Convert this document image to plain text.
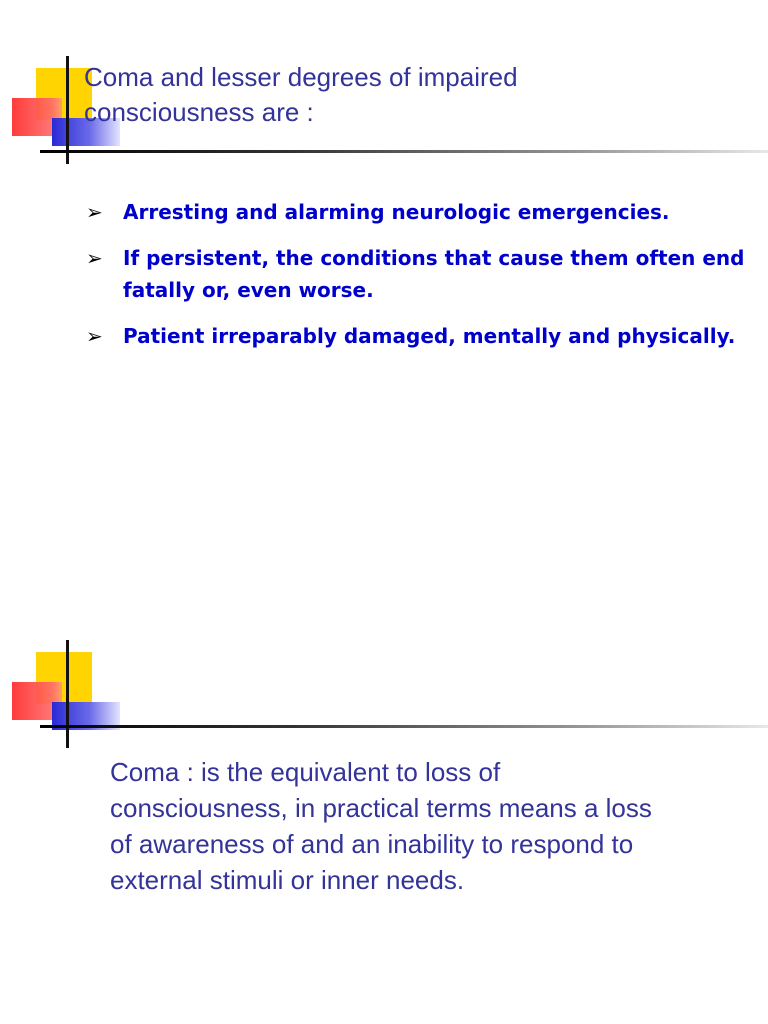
Coma and lesser degrees of impaired consciousness are :
➢ Arresting and alarming neurologic emergencies.
➢ If persistent, the conditions that cause them often end fatally or, even worse.
➢ Patient irreparably damaged, mentally and physically.

Coma : is the equivalent to loss of consciousness, in practical terms means a loss of awareness of and an inability to respond to external stimuli or inner needs.
